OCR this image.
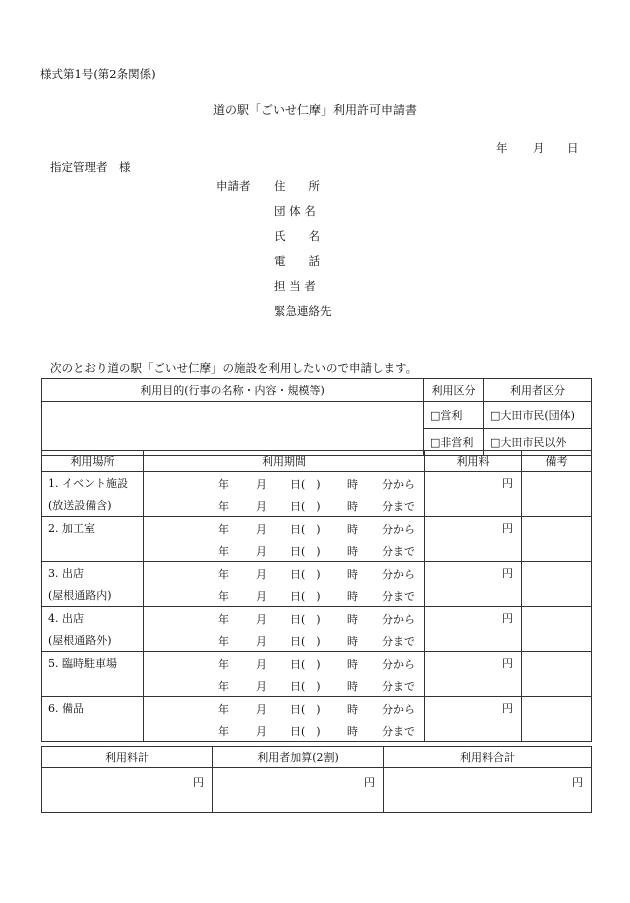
様式第1号(第2条関係)
道の駅「ごいせ仁摩」利用許可申請書
年 月 日
指定管理者　様
申請者 住　　所
団 体 名
氏　　名
電　　話
担 当 者
緊急連絡先
次のとおり道の駅「ごいせ仁摩」の施設を利用したいので申請します。
利用目的(行事の名称・内容・規模等)	利用区分	利用者区分
	□営利	□大田市民(団体)
	□非営利	□大田市民以外
利用場所	利用期間	利用料	備考
1. イベント施設	年 月 日(　) 時 分から	円	
(放送設備含)	年 月 日(　) 時 分まで		

2. 加工室	年 月 日(　) 時 分から	円	

	年 月 日(　) 時 分まで		

3. 出店	年 月 日(　) 時 分から	円	
(屋根通路内)	年 月 日(　) 時 分まで		

4. 出店	年 月 日(　) 時 分から	円	
(屋根通路外)	年 月 日(　) 時 分まで		

5. 臨時駐車場	年 月 日(　) 時 分から	円	

	年 月 日(　) 時 分まで		

6. 備品	年 月 日(　) 時 分から	円	

	年 月 日(　) 時 分まで		

利用料計	利用者加算(2割)	利用料合計
円	円	円
